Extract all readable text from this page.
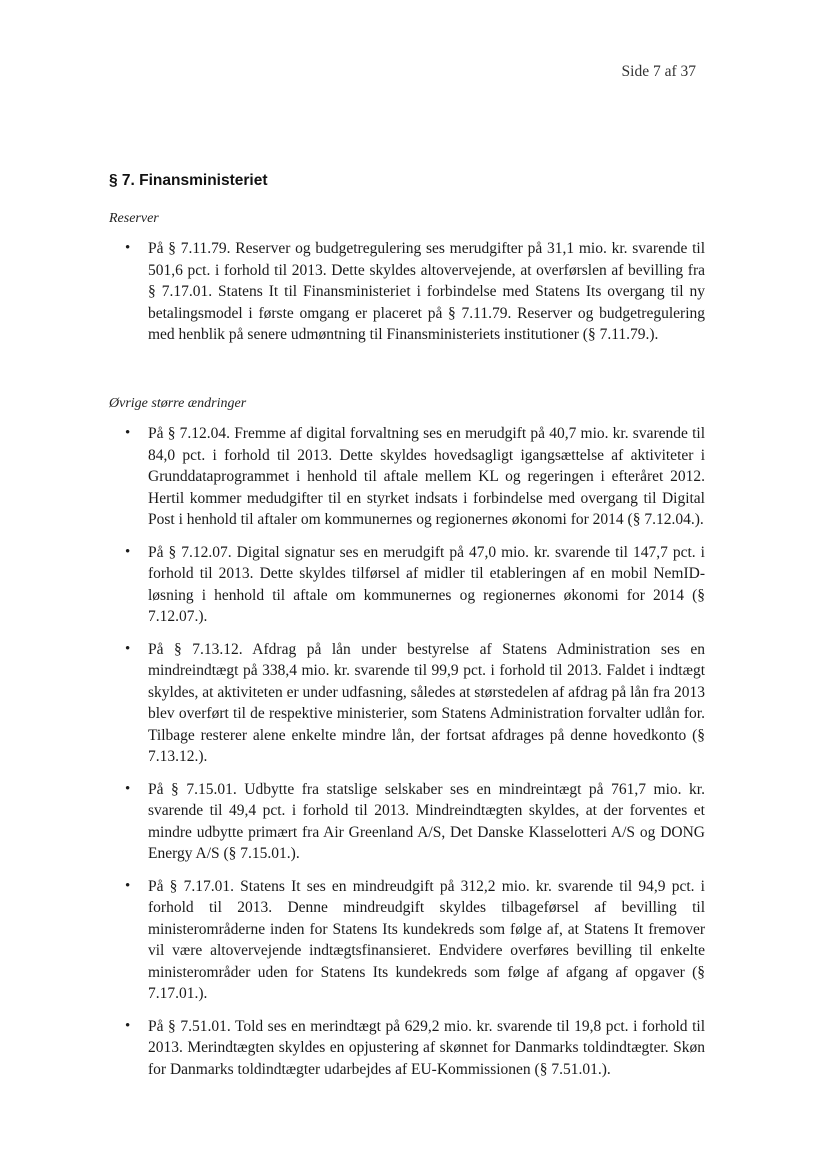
Side 7 af 37
§ 7. Finansministeriet

Reserver

• På § 7.11.79. Reserver og budgetregulering ses merudgifter på 31,1 mio. kr. svarende til 501,6 pct. i forhold til 2013. Dette skyldes altovervejende, at overførslen af bevilling fra § 7.17.01. Statens It til Finansministeriet i forbindelse med Statens Its overgang til ny betalingsmodel i første omgang er placeret på § 7.11.79. Reserver og budgetregulering med henblik på senere udmøntning til Finansministeriets institutioner (§ 7.11.79.).

Øvrige større ændringer

• På § 7.12.04. Fremme af digital forvaltning ses en merudgift på 40,7 mio. kr. svarende til 84,0 pct. i forhold til 2013. Dette skyldes hovedsagligt igangsættelse af aktiviteter i Grunddataprogrammet i henhold til aftale mellem KL og regeringen i efteråret 2012. Hertil kommer medudgifter til en styrket indsats i forbindelse med overgang til Digital Post i henhold til aftaler om kommunernes og regionernes økonomi for 2014 (§ 7.12.04.).
• På § 7.12.07. Digital signatur ses en merudgift på 47,0 mio. kr. svarende til 147,7 pct. i forhold til 2013. Dette skyldes tilførsel af midler til etableringen af en mobil NemID-løsning i henhold til aftale om kommunernes og regionernes økonomi for 2014 (§ 7.12.07.).
• På § 7.13.12. Afdrag på lån under bestyrelse af Statens Administration ses en mindreindtægt på 338,4 mio. kr. svarende til 99,9 pct. i forhold til 2013. Faldet i indtægt skyldes, at aktiviteten er under udfasning, således at størstedelen af afdrag på lån fra 2013 blev overført til de respektive ministerier, som Statens Administration forvalter udlån for. Tilbage resterer alene enkelte mindre lån, der fortsat afdrages på denne hovedkonto (§ 7.13.12.).
• På § 7.15.01. Udbytte fra statslige selskaber ses en mindreintægt på 761,7 mio. kr. svarende til 49,4 pct. i forhold til 2013. Mindreindtægten skyldes, at der forventes et mindre udbytte primært fra Air Greenland A/S, Det Danske Klasselotteri A/S og DONG Energy A/S (§ 7.15.01.).
• På § 7.17.01. Statens It ses en mindreudgift på 312,2 mio. kr. svarende til 94,9 pct. i forhold til 2013. Denne mindreudgift skyldes tilbageførsel af bevilling til ministerområderne inden for Statens Its kundekreds som følge af, at Statens It fremover vil være altovervejende indtægtsfinansieret. Endvidere overføres bevilling til enkelte ministerområder uden for Statens Its kundekreds som følge af afgang af opgaver (§ 7.17.01.).
• På § 7.51.01. Told ses en merindtægt på 629,2 mio. kr. svarende til 19,8 pct. i forhold til 2013. Merindtægten skyldes en opjustering af skønnet for Danmarks toldindtægter. Skøn for Danmarks toldindtægter udarbejdes af EU-Kommissionen (§ 7.51.01.).
